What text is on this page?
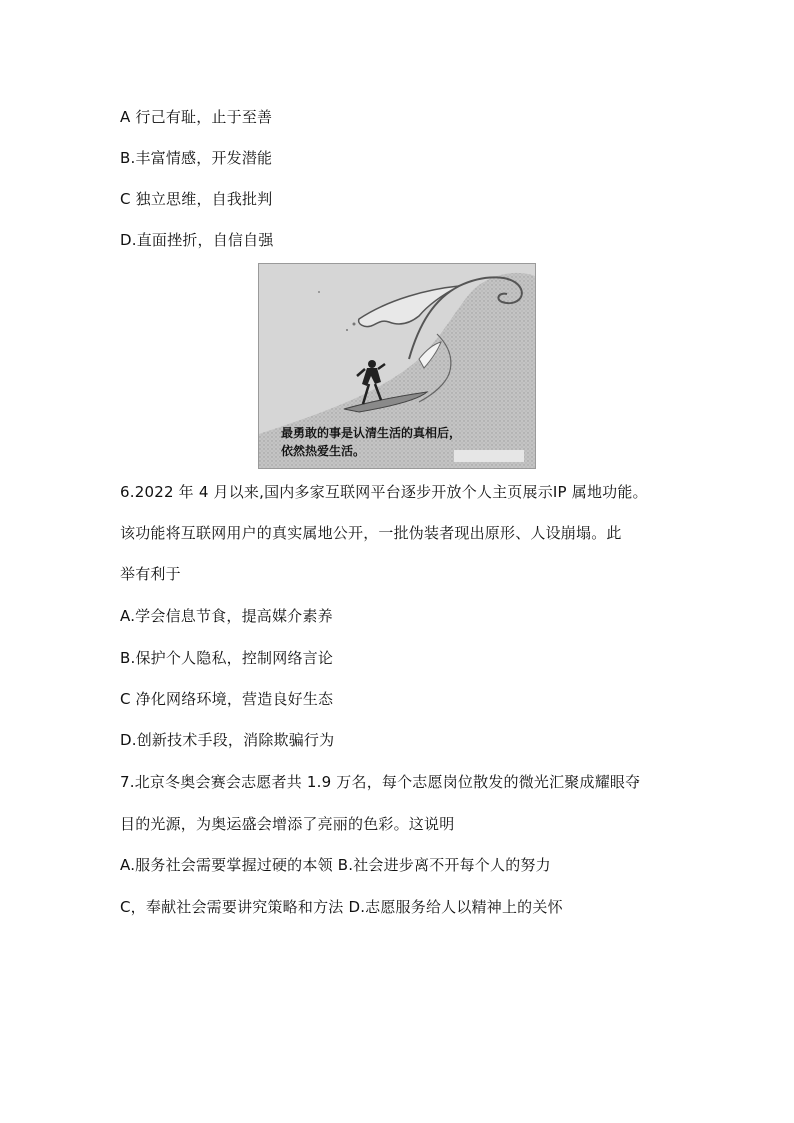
A 行己有耻，止于至善
B.丰富情感，开发潜能
C 独立思维，自我批判
D.直面挫折，自信自强
最勇敢的事是认清生活的真相后，
依然热爱生活。
6.2022 年 4 月以来,国内多家互联网平台逐步开放个人主页展示IP 属地功能。
该功能将互联网用户的真实属地公开，一批伪装者现出原形、人设崩塌。此
举有利于
A.学会信息节食，提高媒介素养
B.保护个人隐私，控制网络言论
C 净化网络环境，营造良好生态
D.创新技术手段，消除欺骗行为
7.北京冬奥会赛会志愿者共 1.9 万名，每个志愿岗位散发的微光汇聚成耀眼夺
目的光源，为奥运盛会增添了亮丽的色彩。这说明
A.服务社会需要掌握过硬的本领 B.社会进步离不开每个人的努力
C，奉献社会需要讲究策略和方法 D.志愿服务给人以精神上的关怀
